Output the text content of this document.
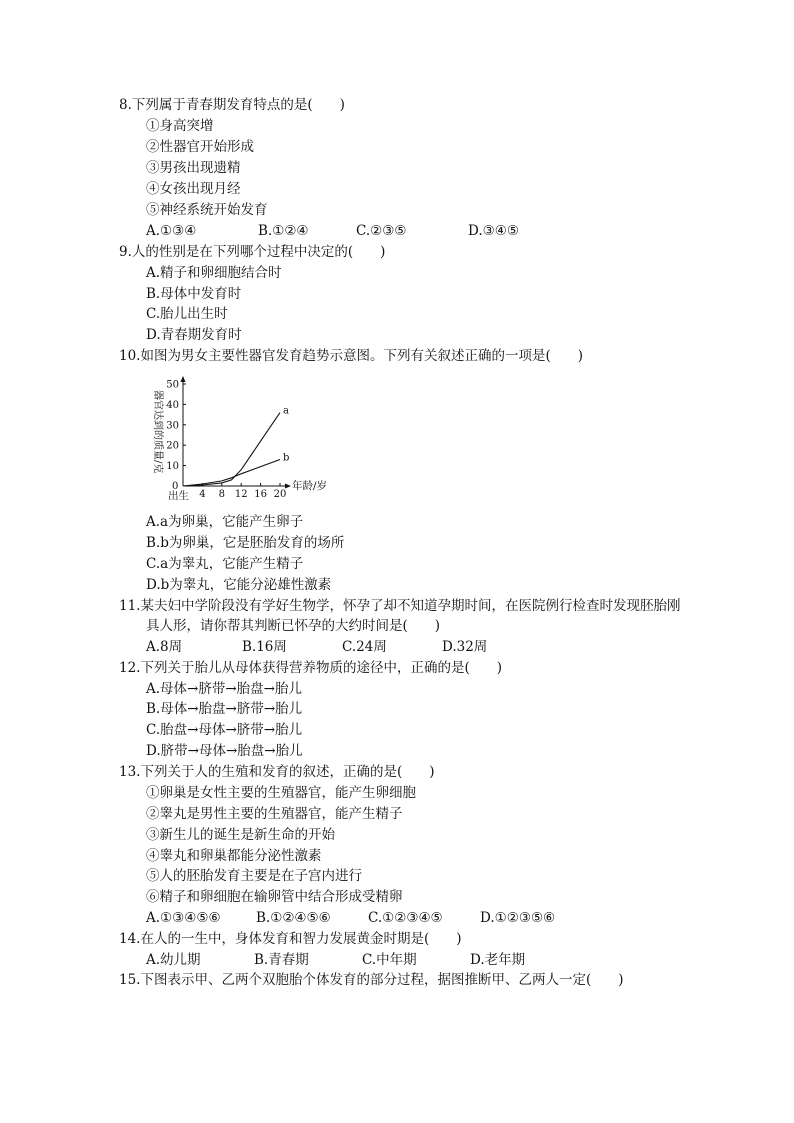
8.下列属于青春期发育特点的是(　　)
①身高突增
②性器官开始形成
③男孩出现遗精
④女孩出现月经
⑤神经系统开始发育
A.①③④	B.①②④	C.②③⑤	D.③④⑤
9.人的性别是在下列哪个过程中决定的(　　)
A.精子和卵细胞结合时
B.母体中发育时
C.胎儿出生时
D.青春期发育时
10.如图为男女主要性器官发育趋势示意图。下列有关叙述正确的一项是(　　)
10
20
30
40
50
4 8 12 16 20
a
b
器官达到的质量/克
年龄/岁
出生
0
A.a为卵巢，它能产生卵子
B.b为卵巢，它是胚胎发育的场所
C.a为睾丸，它能产生精子
D.b为睾丸，它能分泌雄性激素
11.某夫妇中学阶段没有学好生物学，怀孕了却不知道孕期时间，在医院例行检查时发现胚胎刚
具人形，请你帮其判断已怀孕的大约时间是(　　)
A.8周	B.16周	C.24周	D.32周
12.下列关于胎儿从母体获得营养物质的途径中，正确的是(　　)
A.母体→脐带→胎盘→胎儿
B.母体→胎盘→脐带→胎儿
C.胎盘→母体→脐带→胎儿
D.脐带→母体→胎盘→胎儿
13.下列关于人的生殖和发育的叙述，正确的是(　　)
①卵巢是女性主要的生殖器官，能产生卵细胞
②睾丸是男性主要的生殖器官，能产生精子
③新生儿的诞生是新生命的开始
④睾丸和卵巢都能分泌性激素
⑤人的胚胎发育主要是在子宫内进行
⑥精子和卵细胞在输卵管中结合形成受精卵
A.①③④⑤⑥	B.①②④⑤⑥	C.①②③④⑤	D.①②③⑤⑥
14.在人的一生中，身体发育和智力发展黄金时期是(　　)
A.幼儿期	B.青春期	C.中年期	D.老年期
15.下图表示甲、乙两个双胞胎个体发育的部分过程，据图推断甲、乙两人一定(　　)
